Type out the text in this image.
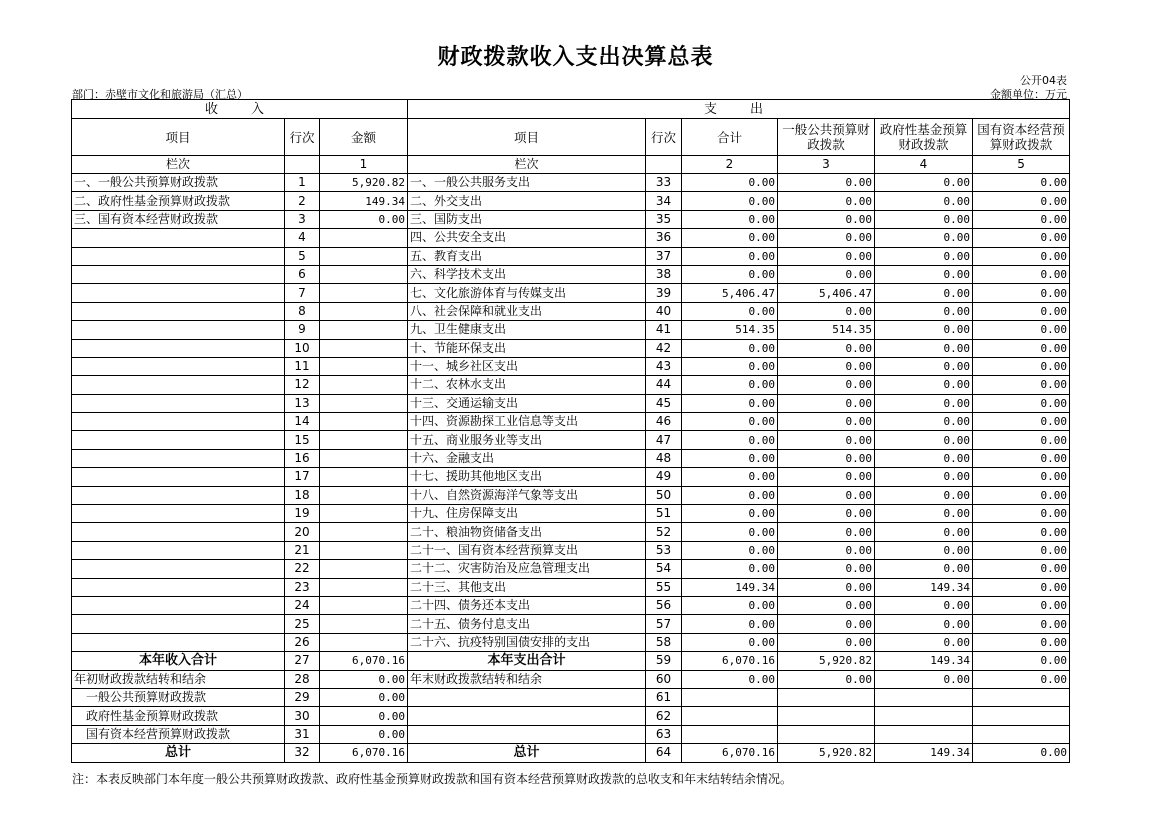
财政拨款收入支出决算总表
公开04表
部门：赤壁市文化和旅游局（汇总）	金额单位：万元
收　入			支　出					
项目	行次	金额	项目	行次	合计	一般公共预算财政拨款	政府性基金预算财政拨款	国有资本经营预算财政拨款
栏次		1	栏次		2	3	4	5
一、一般公共预算财政拨款	1	5,920.82	一、一般公共服务支出	33	0.00	0.00	0.00	0.00
二、政府性基金预算财政拨款	2	149.34	二、外交支出	34	0.00	0.00	0.00	0.00
三、国有资本经营财政拨款	3	0.00	三、国防支出	35	0.00	0.00	0.00	0.00
	4		四、公共安全支出	36	0.00	0.00	0.00	0.00
	5		五、教育支出	37	0.00	0.00	0.00	0.00
	6		六、科学技术支出	38	0.00	0.00	0.00	0.00
	7		七、文化旅游体育与传媒支出	39	5,406.47	5,406.47	0.00	0.00
	8		八、社会保障和就业支出	40	0.00	0.00	0.00	0.00
	9		九、卫生健康支出	41	514.35	514.35	0.00	0.00
	10		十、节能环保支出	42	0.00	0.00	0.00	0.00
	11		十一、城乡社区支出	43	0.00	0.00	0.00	0.00
	12		十二、农林水支出	44	0.00	0.00	0.00	0.00
	13		十三、交通运输支出	45	0.00	0.00	0.00	0.00
	14		十四、资源勘探工业信息等支出	46	0.00	0.00	0.00	0.00
	15		十五、商业服务业等支出	47	0.00	0.00	0.00	0.00
	16		十六、金融支出	48	0.00	0.00	0.00	0.00
	17		十七、援助其他地区支出	49	0.00	0.00	0.00	0.00
	18		十八、自然资源海洋气象等支出	50	0.00	0.00	0.00	0.00
	19		十九、住房保障支出	51	0.00	0.00	0.00	0.00
	20		二十、粮油物资储备支出	52	0.00	0.00	0.00	0.00
	21		二十一、国有资本经营预算支出	53	0.00	0.00	0.00	0.00
	22		二十二、灾害防治及应急管理支出	54	0.00	0.00	0.00	0.00
	23		二十三、其他支出	55	149.34	0.00	149.34	0.00
	24		二十四、债务还本支出	56	0.00	0.00	0.00	0.00
	25		二十五、债务付息支出	57	0.00	0.00	0.00	0.00
	26		二十六、抗疫特别国债安排的支出	58	0.00	0.00	0.00	0.00
本年收入合计	27	6,070.16	本年支出合计	59	6,070.16	5,920.82	149.34	0.00
年初财政拨款结转和结余	28	0.00	年末财政拨款结转和结余	60	0.00	0.00	0.00	0.00
一般公共预算财政拨款	29	0.00		61				
政府性基金预算财政拨款	30	0.00		62				
国有资本经营预算财政拨款	31	0.00		63				
总计	32	6,070.16	总计	64	6,070.16	5,920.82	149.34	0.00
注：本表反映部门本年度一般公共预算财政拨款、政府性基金预算财政拨款和国有资本经营预算财政拨款的总收支和年末结转结余情况。
